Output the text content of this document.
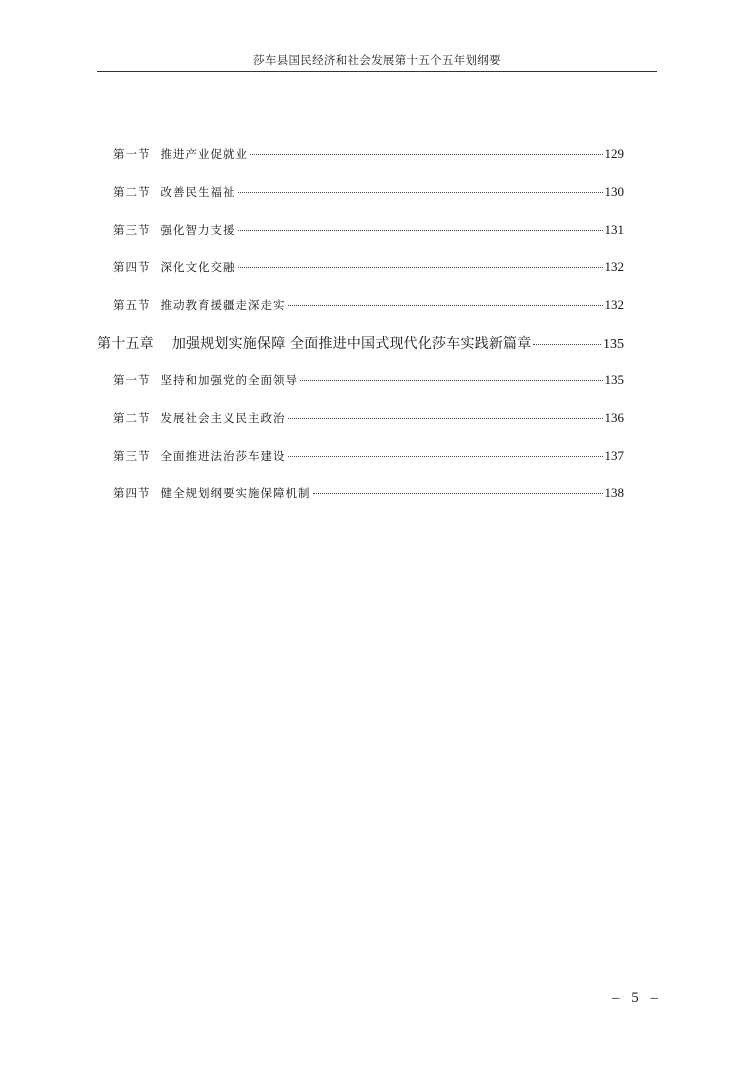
莎车县国民经济和社会发展第十五个五年划纲要
第一节 推进产业促就业	129
第二节 改善民生福祉	130
第三节 强化智力支援	131
第四节 深化文化交融	132
第五节 推动教育援疆走深走实	132
第十五章 加强规划实施保障 全面推进中国式现代化莎车实践新篇章	135
第一节 坚持和加强党的全面领导	135
第二节 发展社会主义民主政治	136
第三节 全面推进法治莎车建设	137
第四节 健全规划纲要实施保障机制	138
– 5 –
